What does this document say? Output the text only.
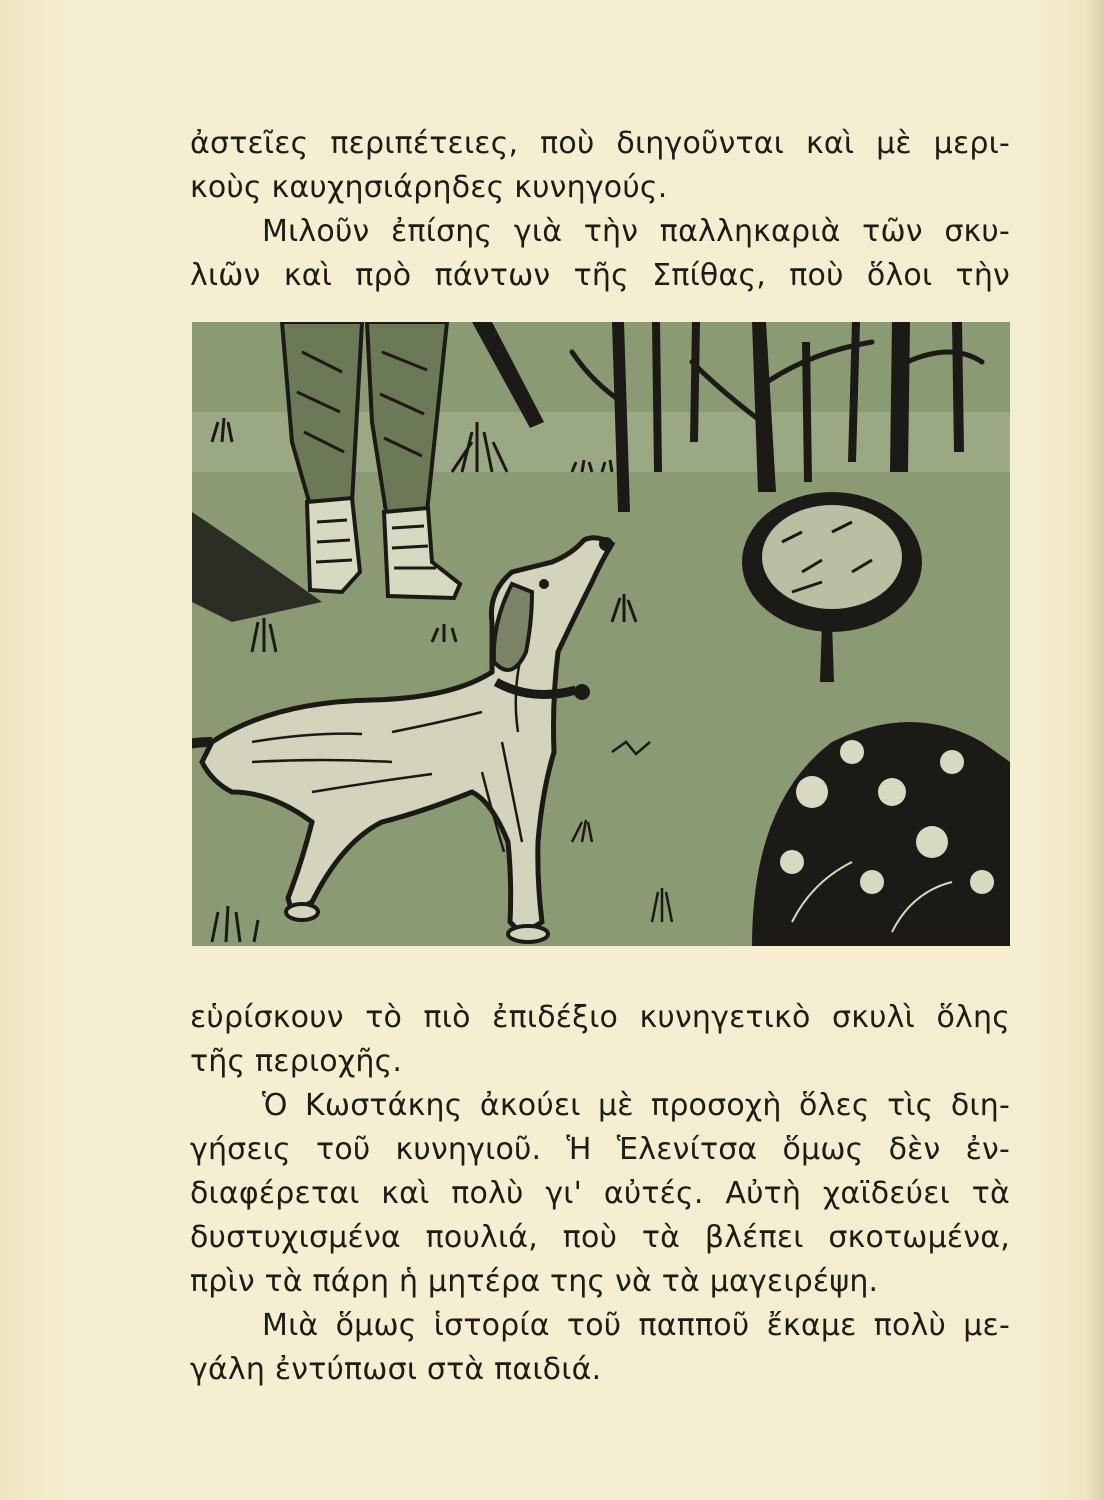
ἀστεῖες περιπέτειες, ποὺ διηγοῦνται καὶ μὲ μερι-
κοὺς καυχησιάρηδες κυνηγούς.
Μιλοῦν ἐπίσης γιὰ τὴν παλληκαριὰ τῶν σκυ-
λιῶν καὶ πρὸ πάντων τῆς Σπίθας, ποὺ ὅλοι τὴν
εὑρίσκουν τὸ πιὸ ἐπιδέξιο κυνηγετικὸ σκυλὶ ὅλης
τῆς περιοχῆς.
Ὁ Κωστάκης ἀκούει μὲ προσοχὴ ὅλες τὶς διη-
γήσεις τοῦ κυνηγιοῦ. Ἡ Ἑλενίτσα ὅμως δὲν ἐν-
διαφέρεται καὶ πολὺ γι' αὐτές. Αὐτὴ χαϊδεύει τὰ
δυστυχισμένα πουλιά, ποὺ τὰ βλέπει σκοτωμένα,
πρὶν τὰ πάρη ἡ μητέρα της νὰ τὰ μαγειρέψη.
Μιὰ ὅμως ἱστορία τοῦ παπποῦ ἔκαμε πολὺ με-
γάλη ἐντύπωσι στὰ παιδιά.
